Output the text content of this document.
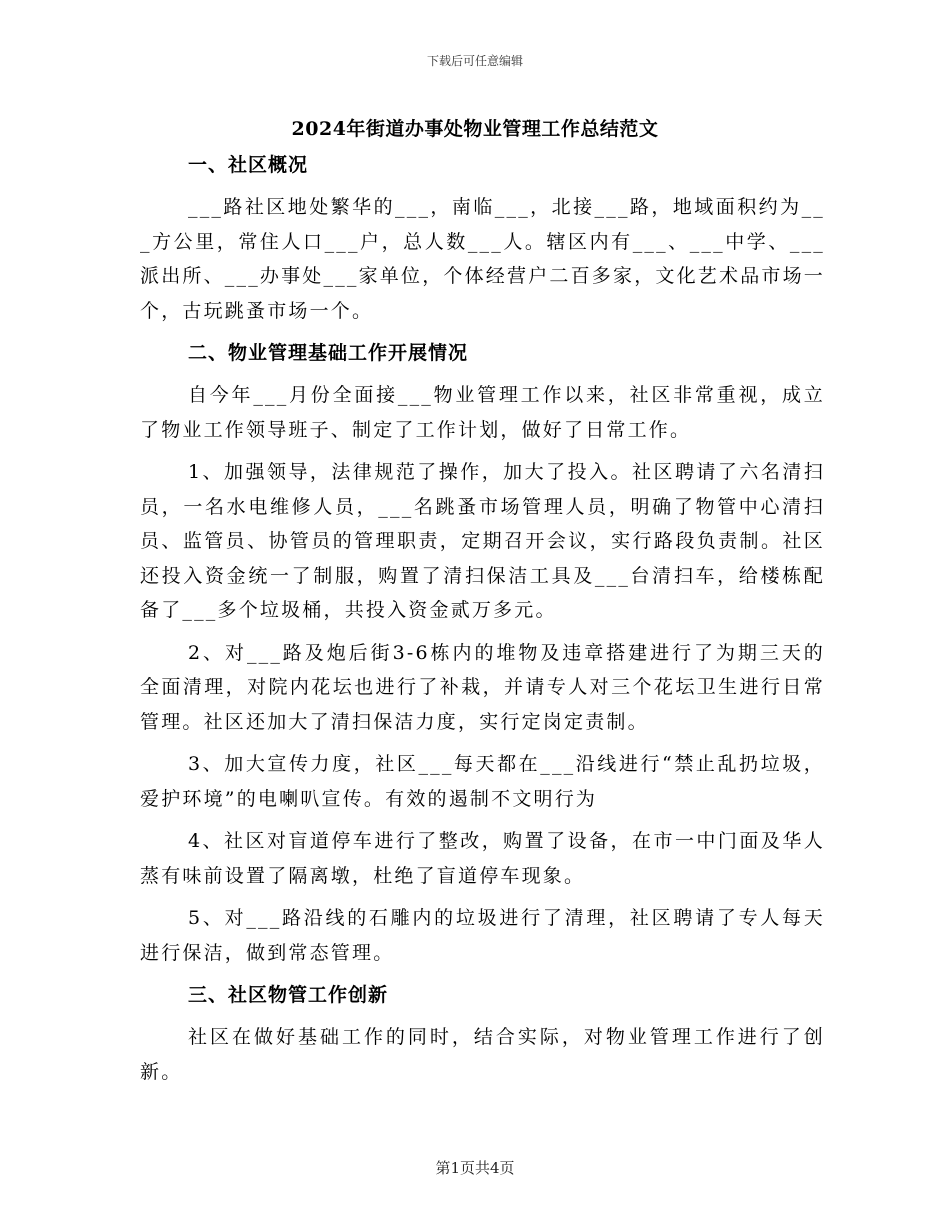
下载后可任意编辑
2024年街道办事处物业管理工作总结范文
一、社区概况

___路社区地处繁华的___，南临___，北接___路，地域面积约为___方公里，常住人口___户，总人数___人。辖区内有___、___中学、___派出所、___办事处___家单位，个体经营户二百多家，文化艺术品市场一个，古玩跳蚤市场一个。

二、物业管理基础工作开展情况

自今年___月份全面接___物业管理工作以来，社区非常重视，成立了物业工作领导班子、制定了工作计划，做好了日常工作。

1、加强领导，法律规范了操作，加大了投入。社区聘请了六名清扫员，一名水电维修人员，___名跳蚤市场管理人员，明确了物管中心清扫员、监管员、协管员的管理职责，定期召开会议，实行路段负责制。社区还投入资金统一了制服，购置了清扫保洁工具及___台清扫车，给楼栋配备了___多个垃圾桶，共投入资金贰万多元。

2、对___路及炮后街3-6栋内的堆物及违章搭建进行了为期三天的全面清理，对院内花坛也进行了补栽，并请专人对三个花坛卫生进行日常管理。社区还加大了清扫保洁力度，实行定岗定责制。

3、加大宣传力度，社区___每天都在___沿线进行“禁止乱扔垃圾，爱护环境”的电喇叭宣传。有效的遏制不文明行为

4、社区对盲道停车进行了整改，购置了设备，在市一中门面及华人蒸有味前设置了隔离墩，杜绝了盲道停车现象。

5、对___路沿线的石雕内的垃圾进行了清理，社区聘请了专人每天进行保洁，做到常态管理。

三、社区物管工作创新

社区在做好基础工作的同时，结合实际，对物业管理工作进行了创新。

第1页共4页
